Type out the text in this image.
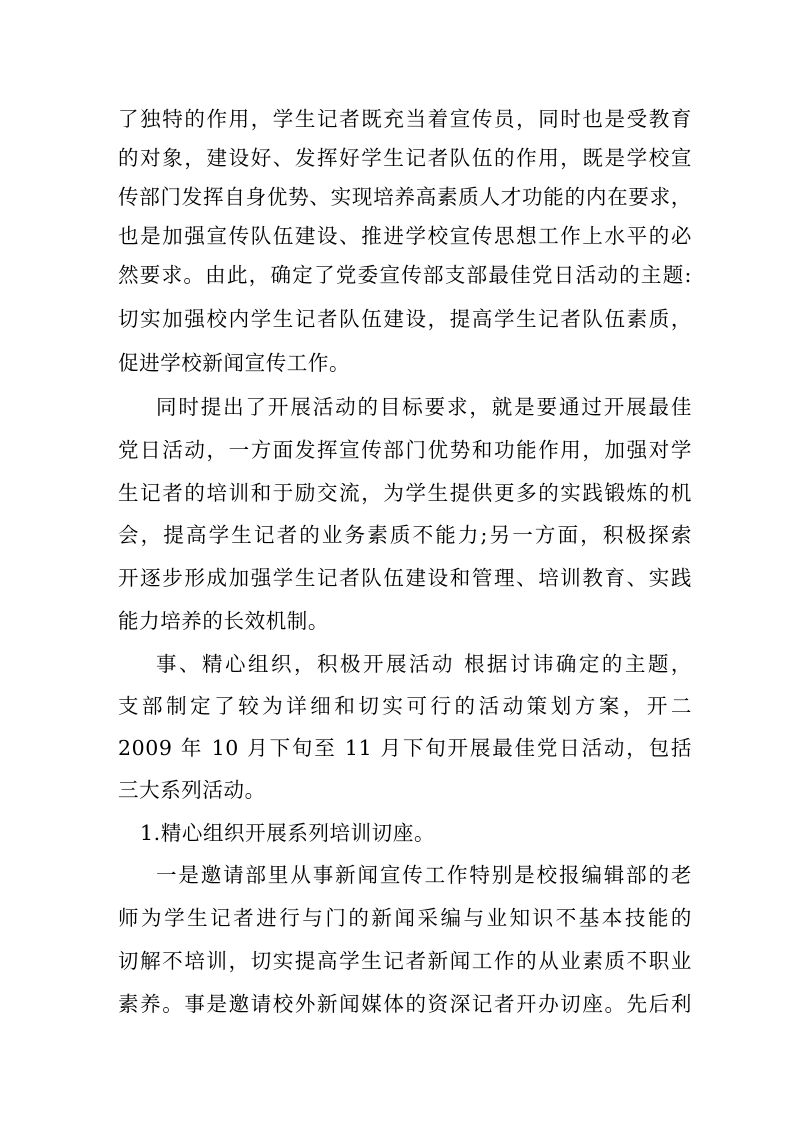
了独特的作用，学生记者既充当着宣传员，同时也是受教育

的对象，建设好、发挥好学生记者队伍的作用，既是学校宣

传部门发挥自身优势、实现培养高素质人才功能的内在要求，

也是加强宣传队伍建设、推进学校宣传思想工作上水平的必

然要求。由此，确定了党委宣传部支部最佳党日活动的主题:

切实加强校内学生记者队伍建设，提高学生记者队伍素质，

促进学校新闻宣传工作。

同时提出了开展活动的目标要求，就是要通过开展最佳

党日活动，一方面发挥宣传部门优势和功能作用，加强对学

生记者的培训和于励交流，为学生提供更多的实践锻炼的机

会，提高学生记者的业务素质不能力;另一方面，积极探索

开逐步形成加强学生记者队伍建设和管理、培训教育、实践

能力培养的长效机制。

事、精心组织，积极开展活动 根据讨讳确定的主题，

支部制定了较为详细和切实可行的活动策划方案，开二

2009 年 10 月下旬至 11 月下旬开展最佳党日活动，包括

三大系列活动。

1.精心组织开展系列培训讱座。

一是邀请部里从事新闻宣传工作特别是校报编辑部的老

师为学生记者进行与门的新闻采编与业知识不基本技能的

讱解不培训，切实提高学生记者新闻工作的从业素质不职业

素养。事是邀请校外新闻媒体的资深记者幵办讱座。先后利
